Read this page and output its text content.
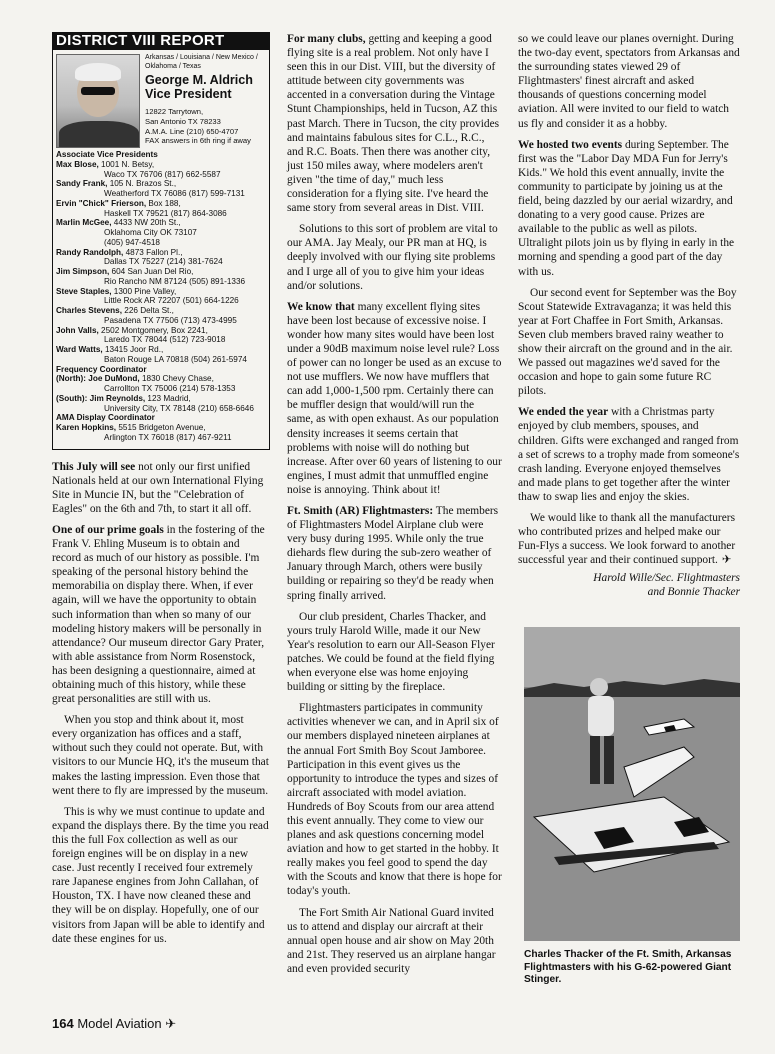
DISTRICT VIII REPORT
Arkansas / Louisiana / New Mexico / Oklahoma / Texas
George M. Aldrich
Vice President
12822 Tarrytown,
San Antonio TX 78233
A.M.A. Line (210) 650-4707
FAX answers in 6th ring if away
Associate Vice Presidents
Max Blose, 1001 N. Betsy,
Waco TX 76706 (817) 662-5587
Sandy Frank, 105 N. Brazos St.,
Weatherford TX 76086 (817) 599-7131
Ervin "Chick" Frierson, Box 188,
Haskell TX 79521 (817) 864-3086
Marlin McGee, 4433 NW 20th St.,
Oklahoma City OK 73107
(405) 947-4518
Randy Randolph, 4873 Fallon Pl.,
Dallas TX 75227 (214) 381-7624
Jim Simpson, 604 San Juan Del Rio,
Rio Rancho NM 87124 (505) 891-1336
Steve Staples, 1300 Pine Valley,
Little Rock AR 72207 (501) 664-1226
Charles Stevens, 226 Delta St.,
Pasadena TX 77506 (713) 473-4995
John Valls, 2502 Montgomery, Box 2241,
Laredo TX 78044 (512) 723-9018
Ward Watts, 13415 Joor Rd.,
Baton Rouge LA 70818 (504) 261-5974
Frequency Coordinator
(North): Joe DuMond, 1830 Chevy Chase,
Carrollton TX 75006 (214) 578-1353
(South): Jim Reynolds, 123 Madrid,
University City, TX 78148 (210) 658-6646
AMA Display Coordinator
Karen Hopkins, 5515 Bridgeton Avenue,
Arlington TX 76018 (817) 467-9211

This July will see not only our first unified Nationals held at our own International Flying Site in Muncie IN, but the "Celebration of Eagles" on the 6th and 7th, to start it all off.

One of our prime goals in the fostering of the Frank V. Ehling Museum is to obtain and record as much of our history as possible. I'm speaking of the personal history behind the memorabilia on display there. When, if ever again, will we have the opportunity to obtain such information than when so many of our modeling history makers will be personally in attendance? Our museum director Gary Prater, with able assistance from Norm Rosenstock, has been designing a questionnaire, aimed at obtaining much of this history, while these great personalities are still with us.

When you stop and think about it, most every organization has offices and a staff, without such they could not operate. But, with visitors to our Muncie HQ, it's the museum that makes the lasting impression. Even those that went there to fly are impressed by the museum.

This is why we must continue to update and expand the displays there. By the time you read this the full Fox collection as well as our foreign engines will be on display in a new case. Just recently I received four extremely rare Japanese engines from John Callahan, of Houston, TX. I have now cleaned these and they will be on display. Hopefully, one of our visitors from Japan will be able to identify and date these engines for us.

For many clubs, getting and keeping a good flying site is a real problem. Not only have I seen this in our Dist. VIII, but the diversity of attitude between city governments was accented in a conversation during the Vintage Stunt Championships, held in Tucson, AZ this past March. There in Tucson, the city provides and maintains fabulous sites for C.L., R.C., and R.C. Boats. Then there was another city, just 150 miles away, where modelers aren't given "the time of day," much less consideration for a flying site. I've heard the same story from several areas in Dist. VIII.

Solutions to this sort of problem are vital to our AMA. Jay Mealy, our PR man at HQ, is deeply involved with our flying site problems and I urge all of you to give him your ideas and/or solutions.

We know that many excellent flying sites have been lost because of excessive noise. I wonder how many sites would have been lost under a 90dB maximum noise level rule? Loss of power can no longer be used as an excuse to not use mufflers. We now have mufflers that can add 1,000-1,500 rpm. Certainly there can be muffler design that would/will run the same, as with open exhaust. As our population density increases it seems certain that problems with noise will do nothing but increase. After over 60 years of listening to our engines, I must admit that unmuffled engine noise is annoying. Think about it!

Ft. Smith (AR) Flightmasters: The members of Flightmasters Model Airplane club were very busy during 1995. While only the true diehards flew during the sub-zero weather of January through March, others were busily building or repairing so they'd be ready when spring finally arrived.

Our club president, Charles Thacker, and yours truly Harold Wille, made it our New Year's resolution to earn our All-Season Flyer patches. We could be found at the field flying when everyone else was home enjoying building or sitting by the fireplace.

Flightmasters participates in community activities whenever we can, and in April six of our members displayed nineteen airplanes at the annual Fort Smith Boy Scout Jamboree. Participation in this event gives us the opportunity to introduce the types and sizes of aircraft associated with model aviation. Hundreds of Boy Scouts from our area attend this event annually. They come to view our planes and ask questions concerning model aviation and how to get started in the hobby. It really makes you feel good to spend the day with the Scouts and know that there is hope for today's youth.

The Fort Smith Air National Guard invited us to attend and display our aircraft at their annual open house and air show on May 20th and 21st. They reserved us an airplane hangar and even provided security

so we could leave our planes overnight. During the two-day event, spectators from Arkansas and the surrounding states viewed 29 of Flightmasters' finest aircraft and asked thousands of questions concerning model aviation. All were invited to our field to watch us fly and consider it as a hobby.

We hosted two events during September. The first was the "Labor Day MDA Fun for Jerry's Kids." We hold this event annually, invite the community to participate by joining us at the field, being dazzled by our aerial wizardry, and donating to a very good cause. Prizes are available to the public as well as pilots. Ultralight pilots join us by flying in early in the morning and spending a good part of the day with us.

Our second event for September was the Boy Scout Statewide Extravaganza; it was held this year at Fort Chaffee in Fort Smith, Arkansas. Seven club members braved rainy weather to show their aircraft on the ground and in the air. We passed out magazines we'd saved for the occasion and hope to gain some future RC pilots.

We ended the year with a Christmas party enjoyed by club members, spouses, and children. Gifts were exchanged and ranged from a set of screws to a trophy made from someone's crash landing. Everyone enjoyed themselves and made plans to get together after the winter thaw to swap lies and enjoy the skies.

We would like to thank all the manufacturers who contributed prizes and helped make our Fun-Flys a success. We look forward to another successful year and their continued support. ✈

Harold Wille/Sec. Flightmasters
and Bonnie Thacker
Charles Thacker of the Ft. Smith, Arkansas Flightmasters with his G-62-powered Giant Stinger.
164 Model Aviation ✈
